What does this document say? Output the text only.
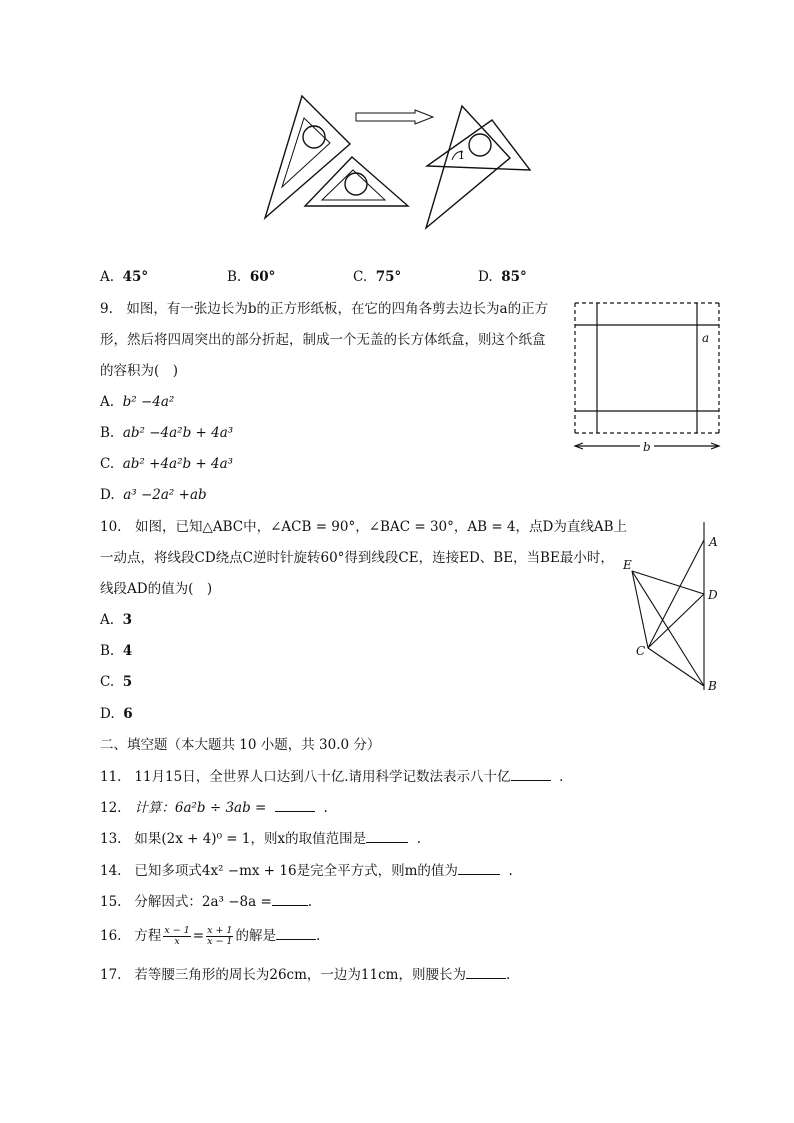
1
A. 45°	B. 60°	C. 75°	D. 85°
9.　如图，有一张边长为b的正方形纸板，在它的四角各剪去边长为a的正方
形，然后将四周突出的部分折起，制成一个无盖的长方体纸盒，则这个纸盒
的容积为(　)
A. b² −4a²
B. ab² −4a²b + 4a³
C. ab² +4a²b + 4a³
D. a³ −2a² +ab
a
b
10.　如图，已知△ABC中，∠ACB = 90°，∠BAC = 30°，AB = 4，点D为直线AB上
一动点，将线段CD绕点C逆时针旋转60°得到线段CE，连接ED、BE，当BE最小时，
线段AD的值为(　)
A. 3
B. 4
C. 5
D. 6
A
D
B
E
C
二、填空题（本大题共 10 小题，共 30.0 分）
11. 11月15日，全世界人口达到八十亿.请用科学记数法表示八十亿	.
12. 计算：6a²b ÷ 3ab =	.
13. 如果(2x + 4)⁰ = 1，则x的取值范围是	.
14. 已知多项式4x² −mx + 16是完全平方式，则m的值为	.
15. 分解因式：2a³ −8a =	.
16. 方程 $\frac{x - 1}{x} = \frac{x + 1}{x - 1}$ 的解是	.
17. 若等腰三角形的周长为26cm，一边为11cm，则腰长为	.
